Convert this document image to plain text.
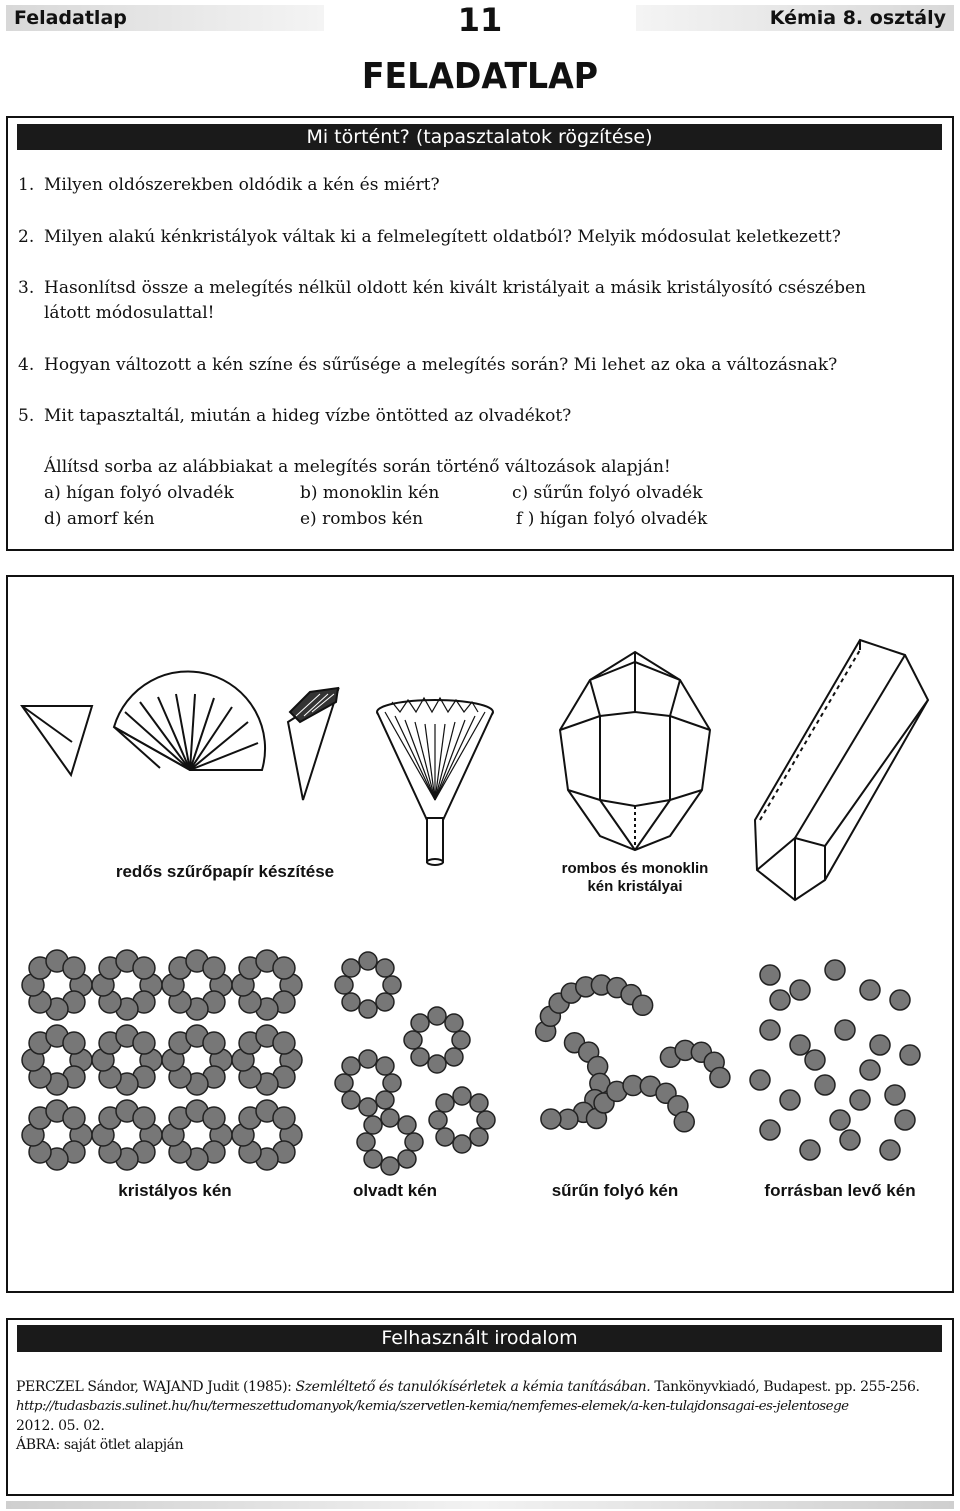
Feladatlap	11	Kémia 8. osztály
FELADATLAP
Mi történt? (tapasztalatok rögzítése)
1. Milyen oldószerekben oldódik a kén és miért?
2. Milyen alakú kénkristályok váltak ki a felmelegített oldatból? Melyik módosulat keletkezett?
3. Hasonlítsd össze a melegítés nélkül oldott kén kivált kristályait a másik kristályosító csészében
látott módosulattal!
4. Hogyan változott a kén színe és sűrűsége a melegítés során? Mi lehet az oka a változásnak?
5. Mit tapasztaltál, miután a hideg vízbe öntötted az olvadékot?
Állítsd sorba az alábbiakat a melegítés során történő változások alapján!
a) hígan folyó olvadék	b) monoklin kén	c) sűrűn folyó olvadék
d) amorf kén	e) rombos kén	f ) hígan folyó olvadék
redős szűrőpapír készítése	rombos és monoklin
kén kristályai
kristályos kén	olvadt kén	sűrűn folyó kén	forrásban levő kén
Felhasznált irodalom
PERCZEL Sándor, WAJAND Judit (1985): Szemléltető és tanulókísérletek a kémia tanításában. Tankönyvkiadó, Budapest. pp. 255-256.
http://tudasbazis.sulinet.hu/hu/termeszettudomanyok/kemia/szervetlen-kemia/nemfemes-elemek/a-ken-tulajdonsagai-es-jelentosege
2012. 05. 02.
ÁBRA: saját ötlet alapján
